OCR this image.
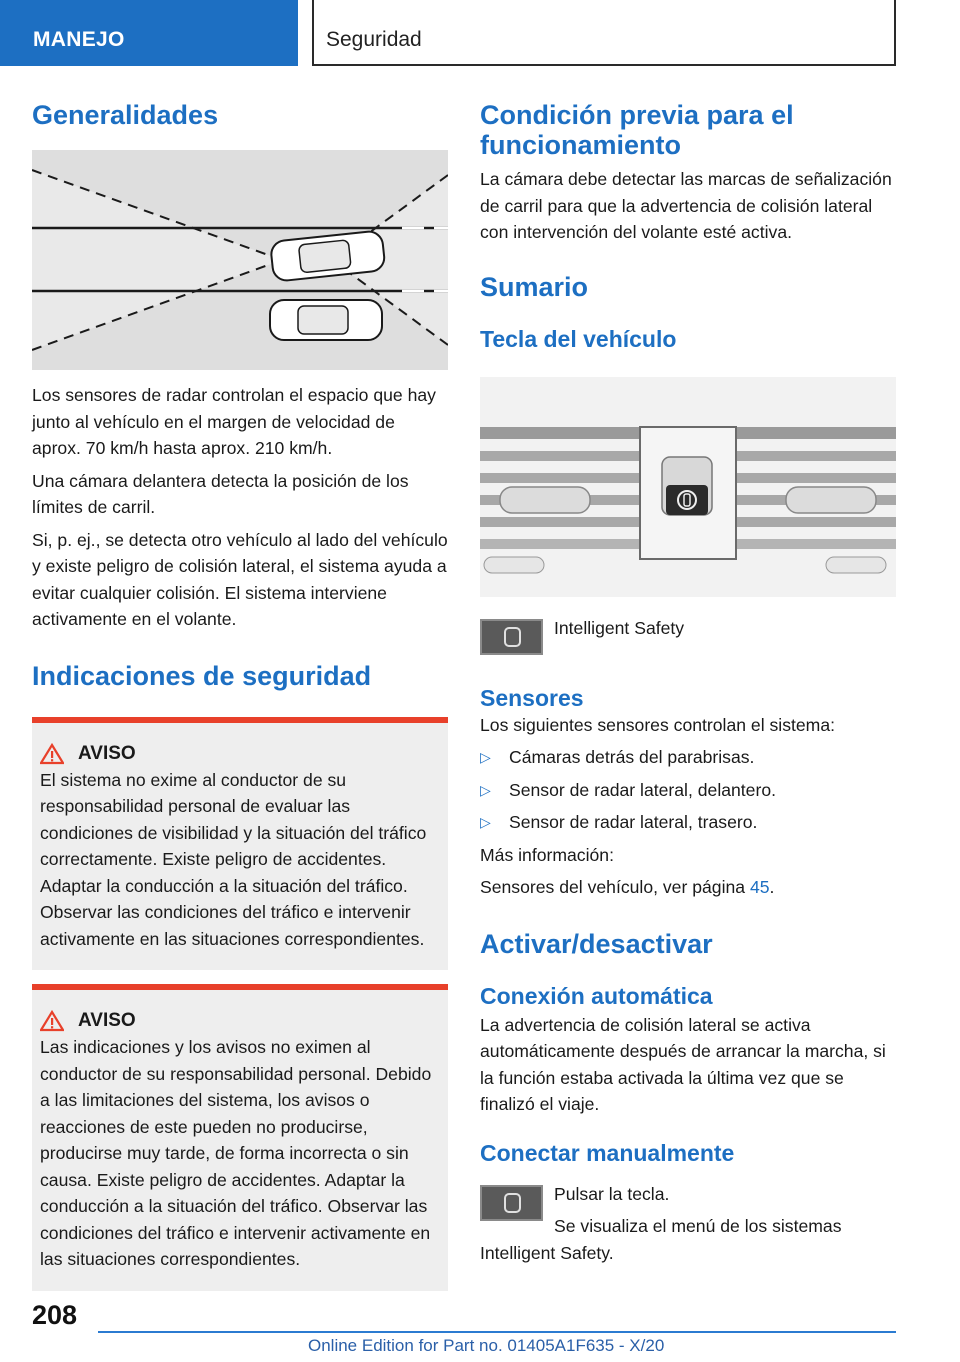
MANEJO	Seguridad
Generalidades

Los sensores de radar controlan el espacio que hay junto al vehículo en el margen de velocidad de aprox. 70 km/h hasta aprox. 210 km/h.

Una cámara delantera detecta la posición de los límites de carril.

Si, p. ej., se detecta otro vehículo al lado del vehículo y existe peligro de colisión lateral, el sistema ayuda a evitar cualquier colisión. El sistema interviene activamente en el volante.

Indicaciones de seguridad
AVISO

El sistema no exime al conductor de su responsabilidad personal de evaluar las condiciones de visibilidad y la situación del tráfico correctamente. Existe peligro de accidentes. Adaptar la conducción a la situación del tráfico. Observar las condiciones del tráfico e intervenir activamente en las situaciones correspondientes.

AVISO

Las indicaciones y los avisos no eximen al conductor de su responsabilidad personal. Debido a las limitaciones del sistema, los avisos o reacciones de este pueden no producirse, producirse muy tarde, de forma incorrecta o sin causa. Existe peligro de accidentes. Adaptar la conducción a la situación del tráfico. Observar las condiciones del tráfico e intervenir activamente en las situaciones correspondientes.

Condición previa para el funcionamiento

La cámara debe detectar las marcas de señalización de carril para que la advertencia de colisión lateral con intervención del volante esté activa.

Sumario
Tecla del vehículo

Intelligent Safety

Sensores

Los siguientes sensores controlan el sistema:

▷	Cámaras detrás del parabrisas.
▷	Sensor de radar lateral, delantero.
▷	Sensor de radar lateral, trasero.

Más información:

Sensores del vehículo, ver página 45.

Activar/desactivar
Conexión automática

La advertencia de colisión lateral se activa automáticamente después de arrancar la marcha, si la función estaba activada la última vez que se finalizó el viaje.

Conectar manualmente

Pulsar la tecla.

Se visualiza el menú de los sistemas Intelligent Safety.

208
Online Edition for Part no. 01405A1F635 - X/20
